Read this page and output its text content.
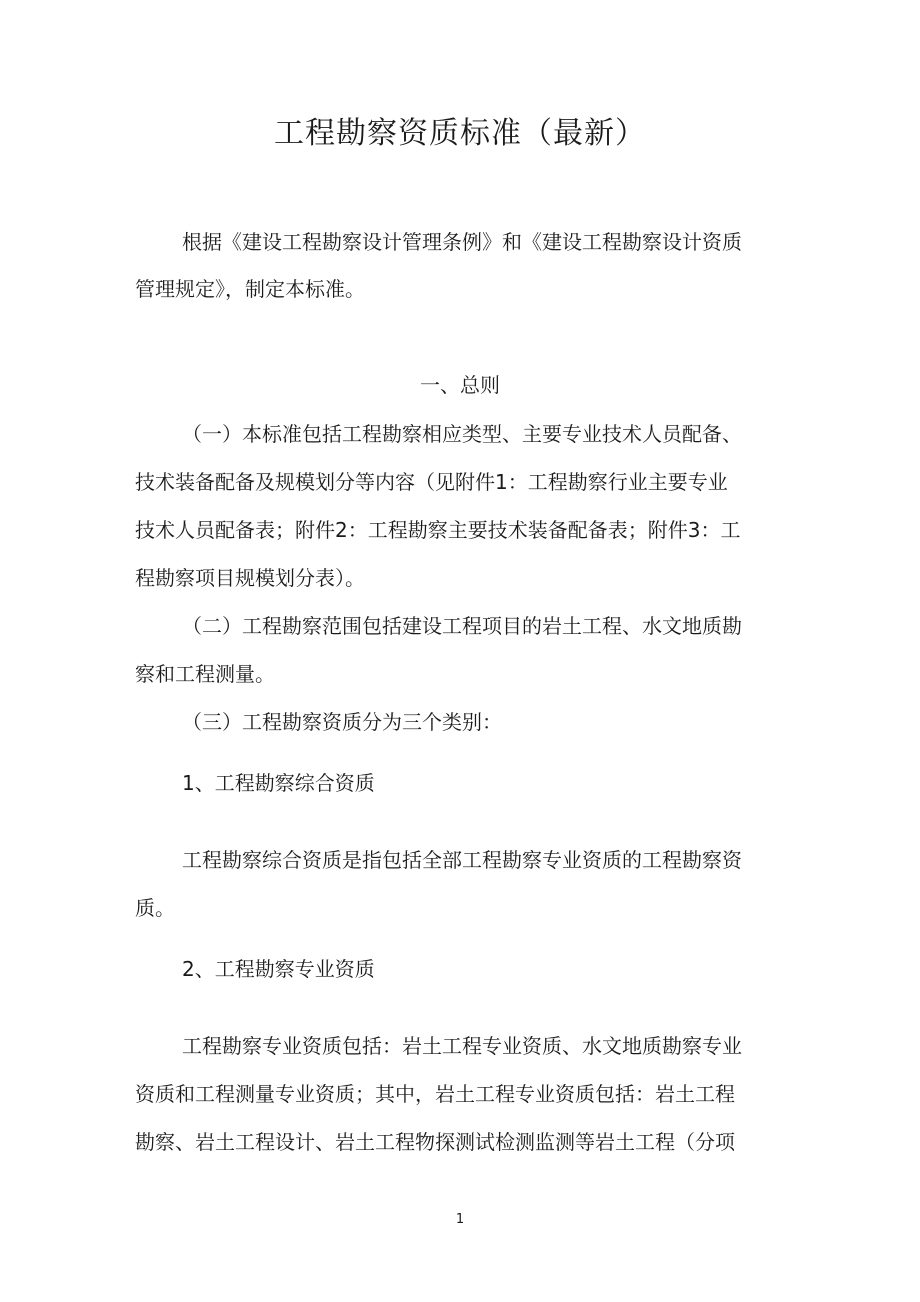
工程勘察资质标准（最新）
根据《建设工程勘察设计管理条例》和《建设工程勘察设计资质
管理规定》，制定本标准。
一、总则
（一）本标准包括工程勘察相应类型、主要专业技术人员配备、
技术装备配备及规模划分等内容（见附件1：工程勘察行业主要专业
技术人员配备表；附件2：工程勘察主要技术装备配备表；附件3：工
程勘察项目规模划分表）。
（二）工程勘察范围包括建设工程项目的岩土工程、水文地质勘
察和工程测量。
（三）工程勘察资质分为三个类别：
1、工程勘察综合资质
工程勘察综合资质是指包括全部工程勘察专业资质的工程勘察资
质。
2、工程勘察专业资质
工程勘察专业资质包括：岩土工程专业资质、水文地质勘察专业
资质和工程测量专业资质；其中，岩土工程专业资质包括：岩土工程
勘察、岩土工程设计、岩土工程物探测试检测监测等岩土工程（分项
1
